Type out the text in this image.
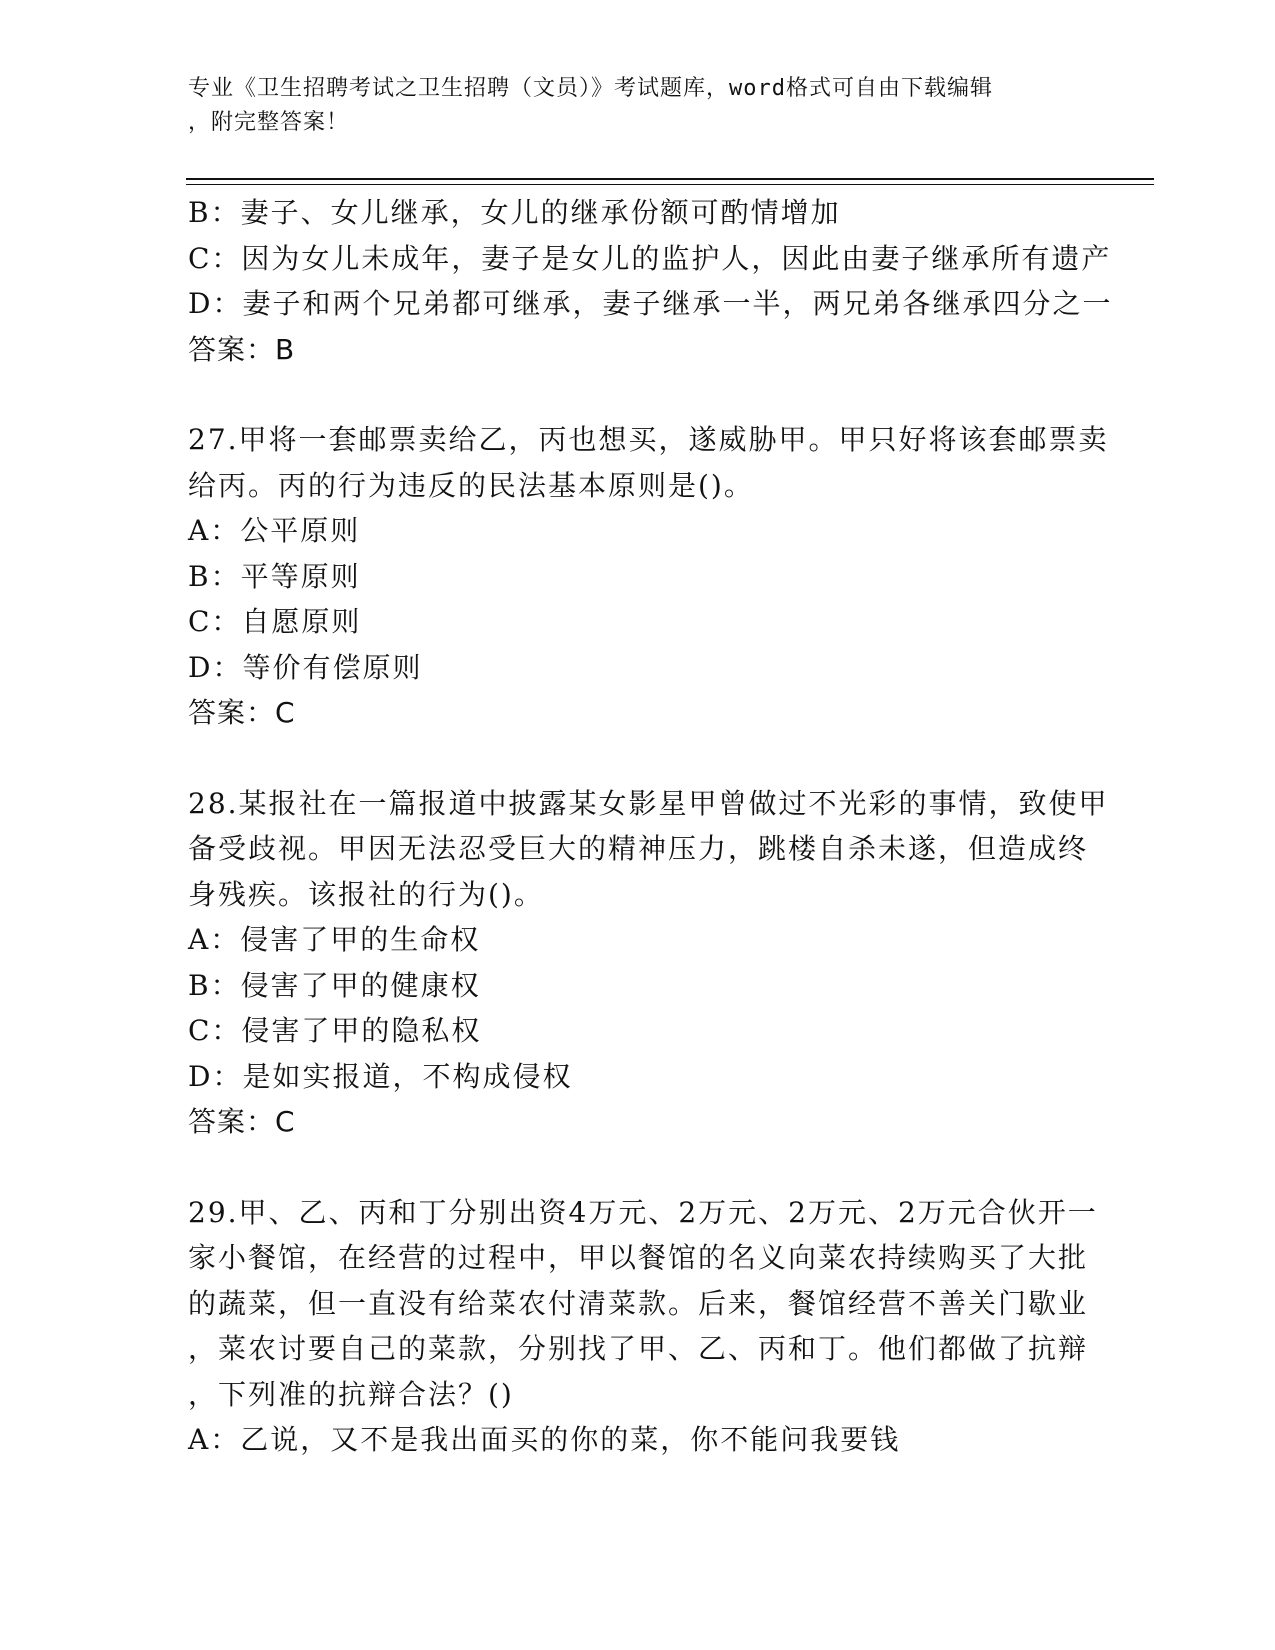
专业《卫生招聘考试之卫生招聘（文员）》考试题库，word格式可自由下载编辑
，附完整答案！
B：妻子、女儿继承，女儿的继承份额可酌情增加
C：因为女儿未成年，妻子是女儿的监护人，因此由妻子继承所有遗产
D：妻子和两个兄弟都可继承，妻子继承一半，两兄弟各继承四分之一
答案：B
27.甲将一套邮票卖给乙，丙也想买，遂威胁甲。甲只好将该套邮票卖
给丙。丙的行为违反的民法基本原则是()。
A：公平原则
B：平等原则
C：自愿原则
D：等价有偿原则
答案：C
28.某报社在一篇报道中披露某女影星甲曾做过不光彩的事情，致使甲
备受歧视。甲因无法忍受巨大的精神压力，跳楼自杀未遂，但造成终
身残疾。该报社的行为()。
A：侵害了甲的生命权
B：侵害了甲的健康权
C：侵害了甲的隐私权
D：是如实报道，不构成侵权
答案：C
29.甲、乙、丙和丁分别出资4万元、2万元、2万元、2万元合伙开一
家小餐馆，在经营的过程中，甲以餐馆的名义向菜农持续购买了大批
的蔬菜，但一直没有给菜农付清菜款。后来，餐馆经营不善关门歇业
，菜农讨要自己的菜款，分别找了甲、乙、丙和丁。他们都做了抗辩
，下列准的抗辩合法？()
A：乙说，又不是我出面买的你的菜，你不能问我要钱
